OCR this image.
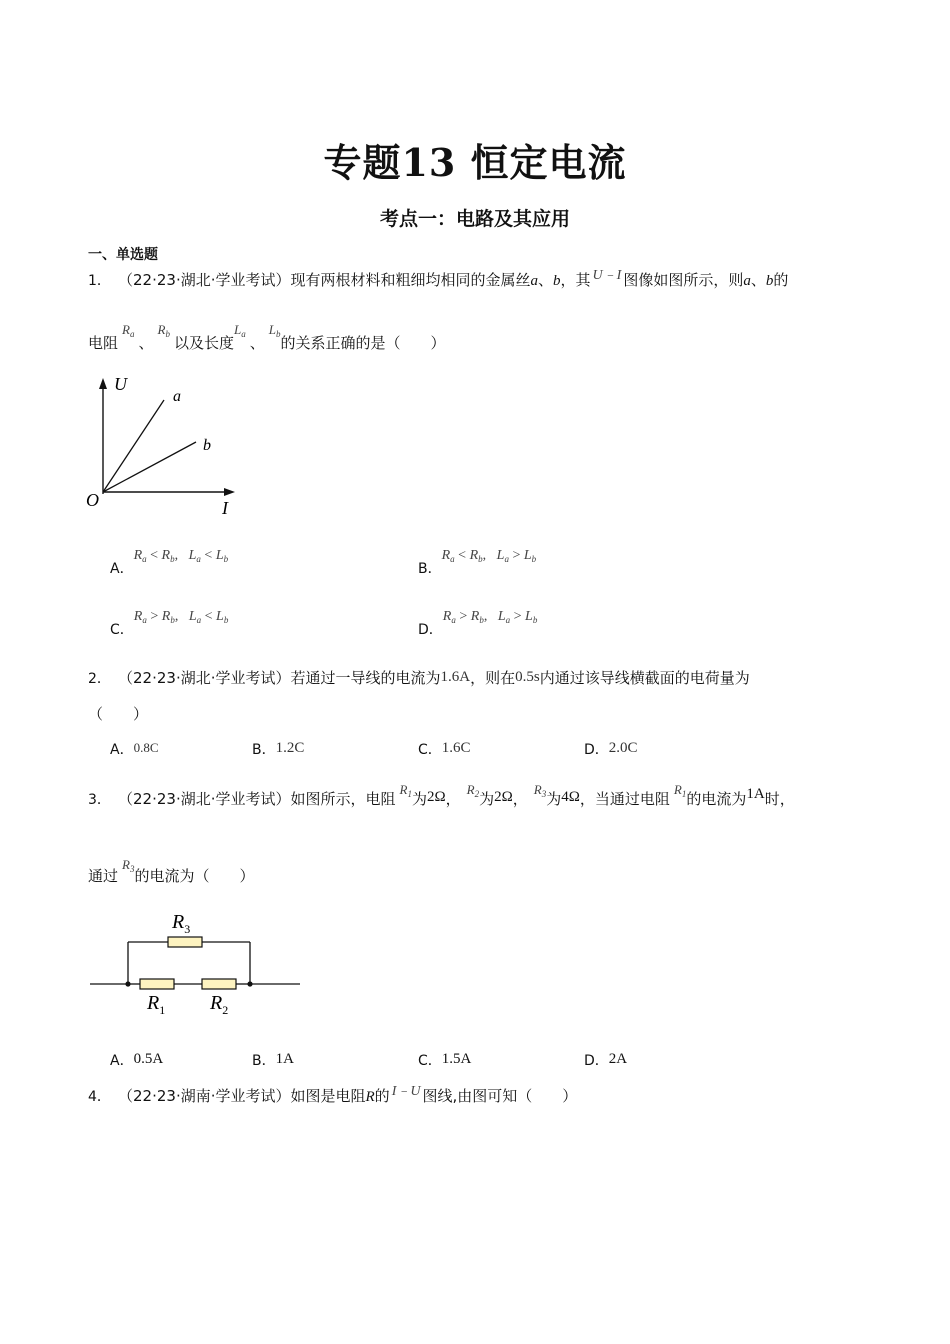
专题13 恒定电流
考点一：电路及其应用
一、单选题
1． （22·23·湖北·学业考试）现有两根材料和粗细均相同的金属丝a、b，其 U﹣I 图像如图所示，则a、b的
电阻$R_a$ 、$R_b$ 以及长度$L_a$ 、$L_b$的关系正确的是（　　）
U
I
O
a
b
A．$R_a < R_b$, $L_a < L_b$
B．$R_a < R_b$, $L_a > L_b$
C．$R_a > R_b$, $L_a < L_b$
D．$R_a > R_b$, $L_a > L_b$
2． （22·23·湖北·学业考试）若通过一导线的电流为1.6A，则在0.5s内通过该导线横截面的电荷量为
（　　）
A．0.8C	B．1.2C	C．1.6C	D．2.0C
3． （22·23·湖北·学业考试）如图所示，电阻$R_1$为2Ω，$R_2$为2Ω，$R_3$为4Ω，当通过电阻$R_1$的电流为1A时，
通过$R_3$的电流为（　　）
$R_3$
$R_1$ $R_2$
A．0.5A	B．1A	C．1.5A	D．2A
4． （22·23·湖南·学业考试）如图是电阻R的 I﹣U 图线,由图可知（　　）
